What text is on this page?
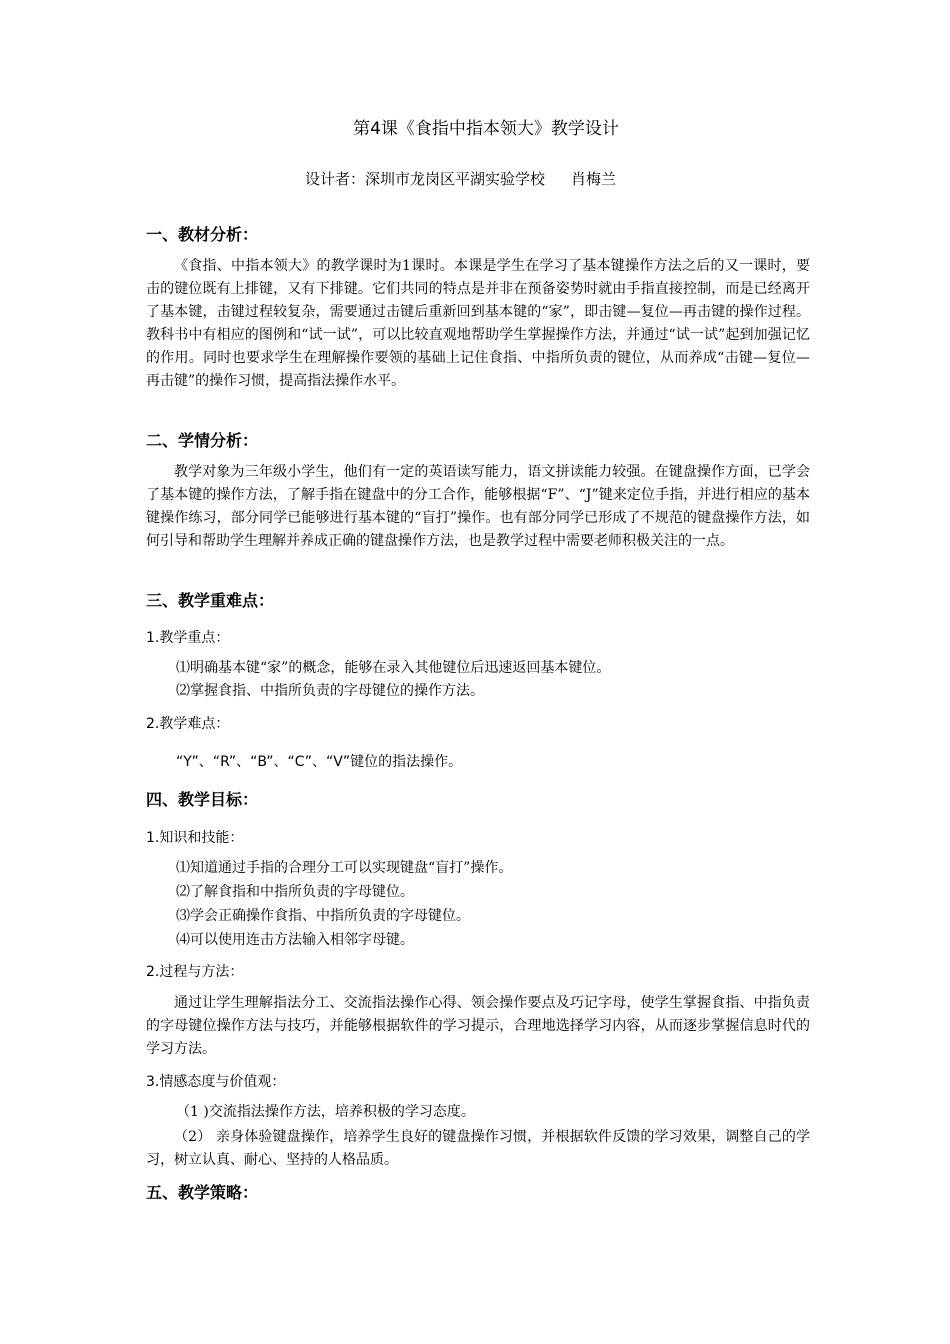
第4课《食指中指本领大》教学设计
设计者：深圳市龙岗区平湖实验学校 肖梅兰
一、教材分析：

《食指、中指本领大》的教学课时为1课时。本课是学生在学习了基本键操作方法之后的又一课时，要击的键位既有上排键，又有下排键。它们共同的特点是并非在预备姿势时就由手指直接控制，而是已经离开了基本键，击键过程较复杂，需要通过击键后重新回到基本键的“家”，即击键—复位—再击键的操作过程。教科书中有相应的图例和“试一试”，可以比较直观地帮助学生掌握操作方法，并通过“试一试”起到加强记忆的作用。同时也要求学生在理解操作要领的基础上记住食指、中指所负责的键位，从而养成“击键—复位—再击键”的操作习惯，提高指法操作水平。

二、学情分析：

教学对象为三年级小学生，他们有一定的英语读写能力，语文拼读能力较强。在键盘操作方面，已学会了基本键的操作方法，了解手指在键盘中的分工合作，能够根据“F”、“J”键来定位手指，并进行相应的基本键操作练习，部分同学已能够进行基本键的“盲打”操作。也有部分同学已形成了不规范的键盘操作方法，如何引导和帮助学生理解并养成正确的键盘操作方法，也是教学过程中需要老师积极关注的一点。

三、教学重难点：
1.教学重点：
⑴明确基本键“家”的概念，能够在录入其他键位后迅速返回基本键位。
⑵掌握食指、中指所负责的字母键位的操作方法。
2.教学难点：
“Y”、“R”、“B”、“C”、“V”键位的指法操作。
四、教学目标：
1.知识和技能：
⑴知道通过手指的合理分工可以实现键盘“盲打”操作。
⑵了解食指和中指所负责的字母键位。
⑶学会正确操作食指、中指所负责的字母键位。
⑷可以使用连击方法输入相邻字母键。
2.过程与方法：

通过让学生理解指法分工、交流指法操作心得、领会操作要点及巧记字母，使学生掌握食指、中指负责的字母键位操作方法与技巧，并能够根据软件的学习提示，合理地选择学习内容，从而逐步掌握信息时代的学习方法。

3.情感态度与价值观：
（1 )交流指法操作方法，培养积极的学习态度。

（2） 亲身体验键盘操作，培养学生良好的键盘操作习惯，并根据软件反馈的学习效果，调整自己的学习，树立认真、耐心、坚持的人格品质。

五、教学策略：
